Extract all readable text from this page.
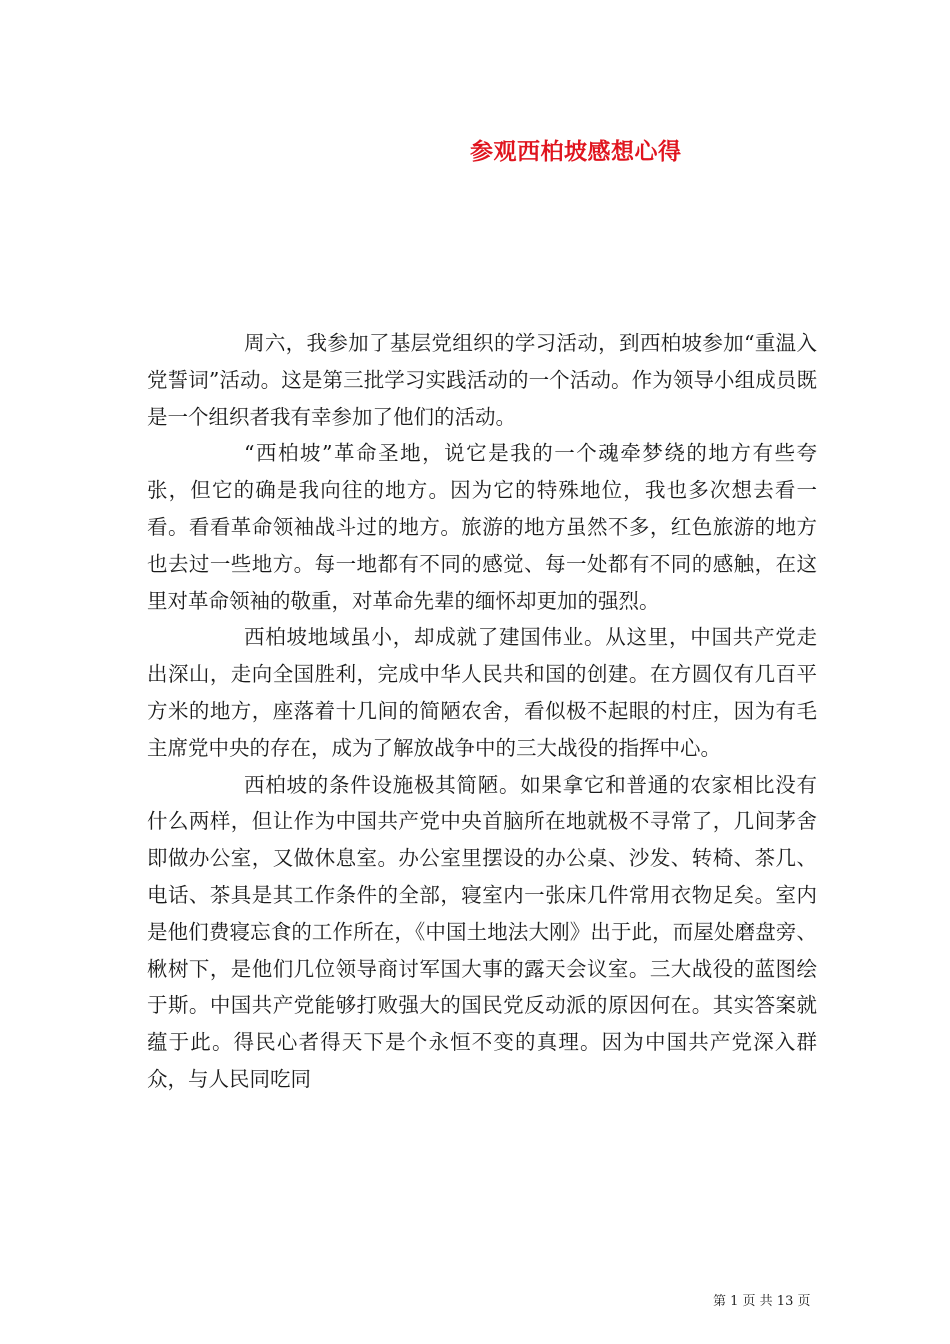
参观西柏坡感想心得

周六，我参加了基层党组织的学习活动，到西柏坡参加“重温入党誓词”活动。这是第三批学习实践活动的一个活动。作为领导小组成员既是一个组织者我有幸参加了他们的活动。

“西柏坡”革命圣地，说它是我的一个魂牵梦绕的地方有些夸张，但它的确是我向往的地方。因为它的特殊地位，我也多次想去看一看。看看革命领袖战斗过的地方。旅游的地方虽然不多，红色旅游的地方也去过一些地方。每一地都有不同的感觉、每一处都有不同的感触，在这里对革命领袖的敬重，对革命先辈的缅怀却更加的强烈。

西柏坡地域虽小，却成就了建国伟业。从这里，中国共产党走出深山，走向全国胜利，完成中华人民共和国的创建。在方圆仅有几百平方米的地方，座落着十几间的简陋农舍，看似极不起眼的村庄，因为有毛主席党中央的存在，成为了解放战争中的三大战役的指挥中心。

西柏坡的条件设施极其简陋。如果拿它和普通的农家相比没有什么两样，但让作为中国共产党中央首脑所在地就极不寻常了，几间茅舍即做办公室，又做休息室。办公室里摆设的办公桌、沙发、转椅、茶几、电话、茶具是其工作条件的全部，寝室内一张床几件常用衣物足矣。室内是他们费寝忘食的工作所在，《中国土地法大刚》出于此，而屋处磨盘旁、楸树下，是他们几位领导商讨军国大事的露天会议室。三大战役的蓝图绘于斯。中国共产党能够打败强大的国民党反动派的原因何在。其实答案就蕴于此。得民心者得天下是个永恒不变的真理。因为中国共产党深入群众，与人民同吃同

第 1 页 共 13 页
